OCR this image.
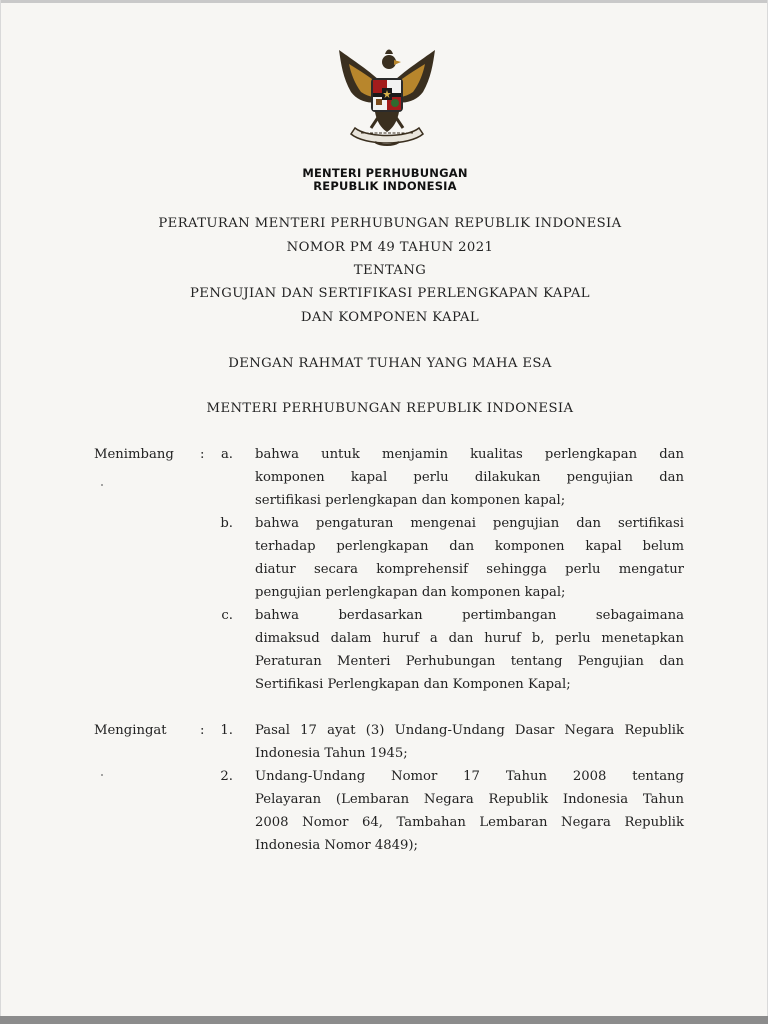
MENTERI PERHUBUNGAN
REPUBLIK INDONESIA
PERATURAN MENTERI PERHUBUNGAN REPUBLIK INDONESIA
NOMOR PM 49 TAHUN 2021
TENTANG
PENGUJIAN DAN SERTIFIKASI PERLENGKAPAN KAPAL
DAN KOMPONEN KAPAL
DENGAN RAHMAT TUHAN YANG MAHA ESA
MENTERI PERHUBUNGAN REPUBLIK INDONESIA
Menimbang :	a. bahwa untuk menjamin kualitas perlengkapan dan
komponen kapal perlu dilakukan pengujian dan
sertifikasi perlengkapan dan komponen kapal;
b. bahwa pengaturan mengenai pengujian dan sertifikasi
terhadap perlengkapan dan komponen kapal belum
diatur secara komprehensif sehingga perlu mengatur
pengujian perlengkapan dan komponen kapal;
c. bahwa berdasarkan pertimbangan sebagaimana
dimaksud dalam huruf a dan huruf b, perlu menetapkan
Peraturan Menteri Perhubungan tentang Pengujian dan
Sertifikasi Perlengkapan dan Komponen Kapal;
Mengingat	:	1. Pasal 17 ayat (3) Undang-Undang Dasar Negara Republik
Indonesia Tahun 1945;
2. Undang-Undang Nomor 17 Tahun 2008 tentang
Pelayaran (Lembaran Negara Republik Indonesia Tahun
2008 Nomor 64, Tambahan Lembaran Negara Republik
Indonesia Nomor 4849);
